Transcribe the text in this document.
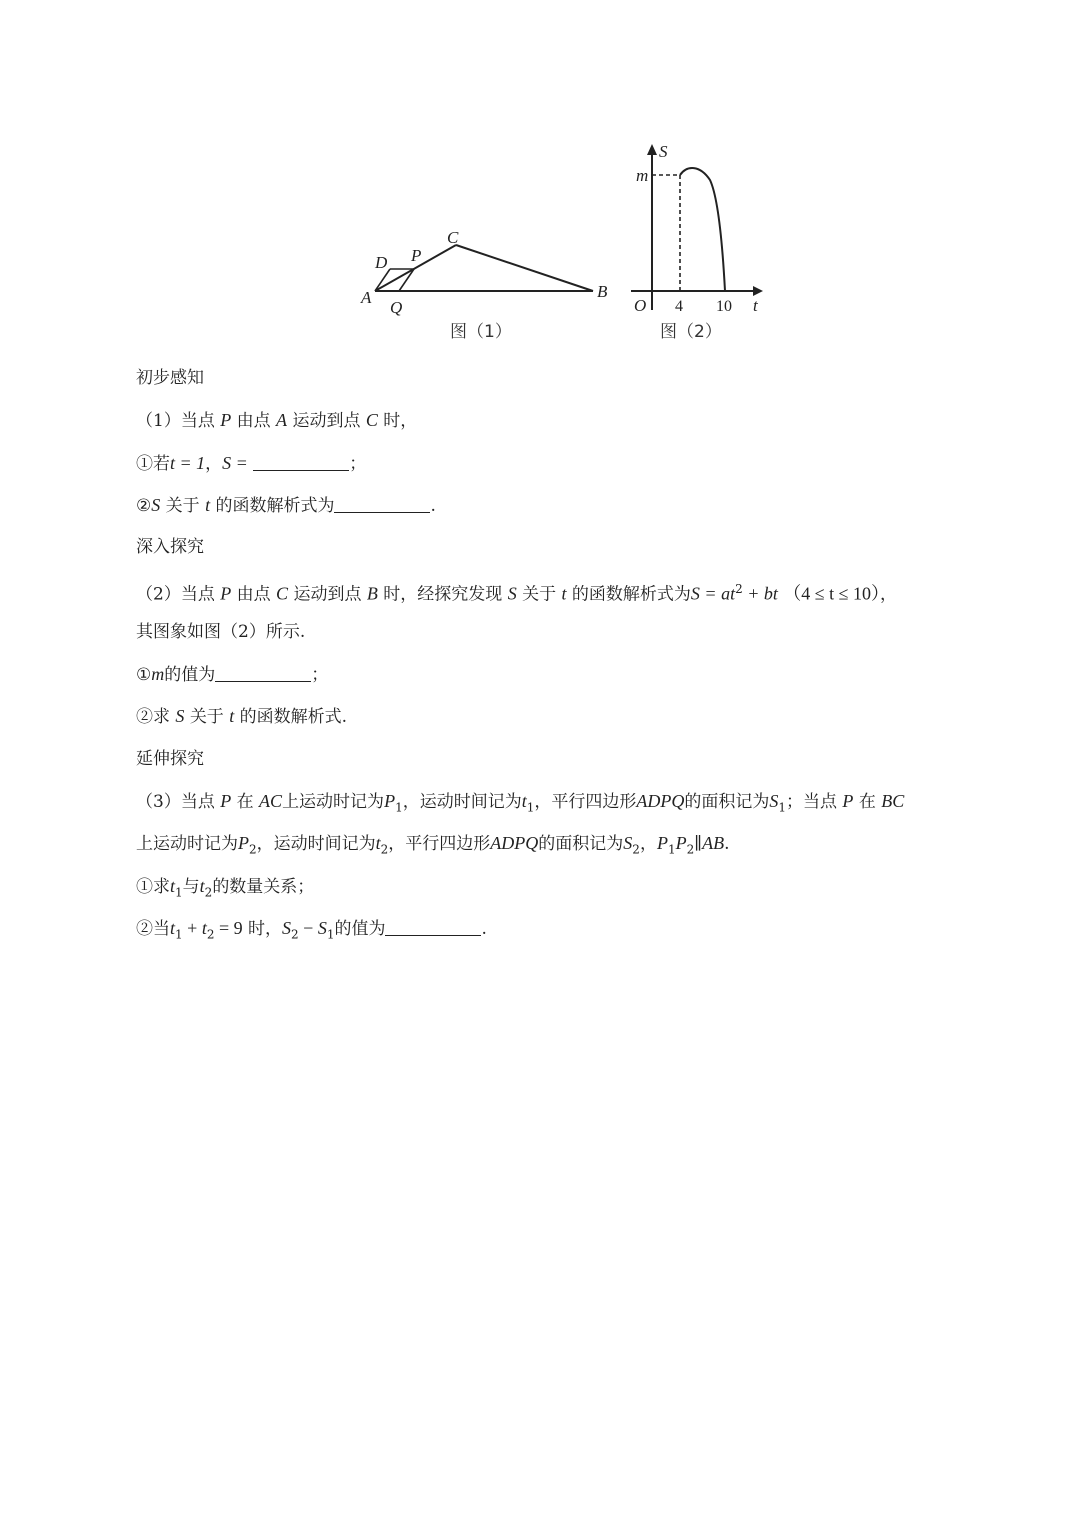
C
D P
A
Q
B
图（1）
S
m
O 4 10 t
图（2）
初步感知
（1）当点 P 由点 A 运动到点 C 时，
①若t = 1，S =	；
②S 关于 t 的函数解析式为	.
深入探究
（2）当点 P 由点 C 运动到点 B 时，经探究发现 S 关于 t 的函数解析式为$S = at^2$ + bt （4 ≤ t ≤ 10），
其图象如图（2）所示.
①m的值为	；
②求 S 关于 t 的函数解析式.
延伸探究
（3）当点 P 在 AC上运动时记为$P_1$，运动时间记为$t_1$，平行四边形ADPQ的面积记为$S_1$；当点 P 在 BC
上运动时记为$P_2$，运动时间记为$t_2$，平行四边形ADPQ的面积记为$S_2$，$P_1P_2\parallel AB$.
①求$t_1$与$t_2$的数量关系；
②当$t_1 + t_2 = 9$ 时，$S_2 - S_1$的值为	.
